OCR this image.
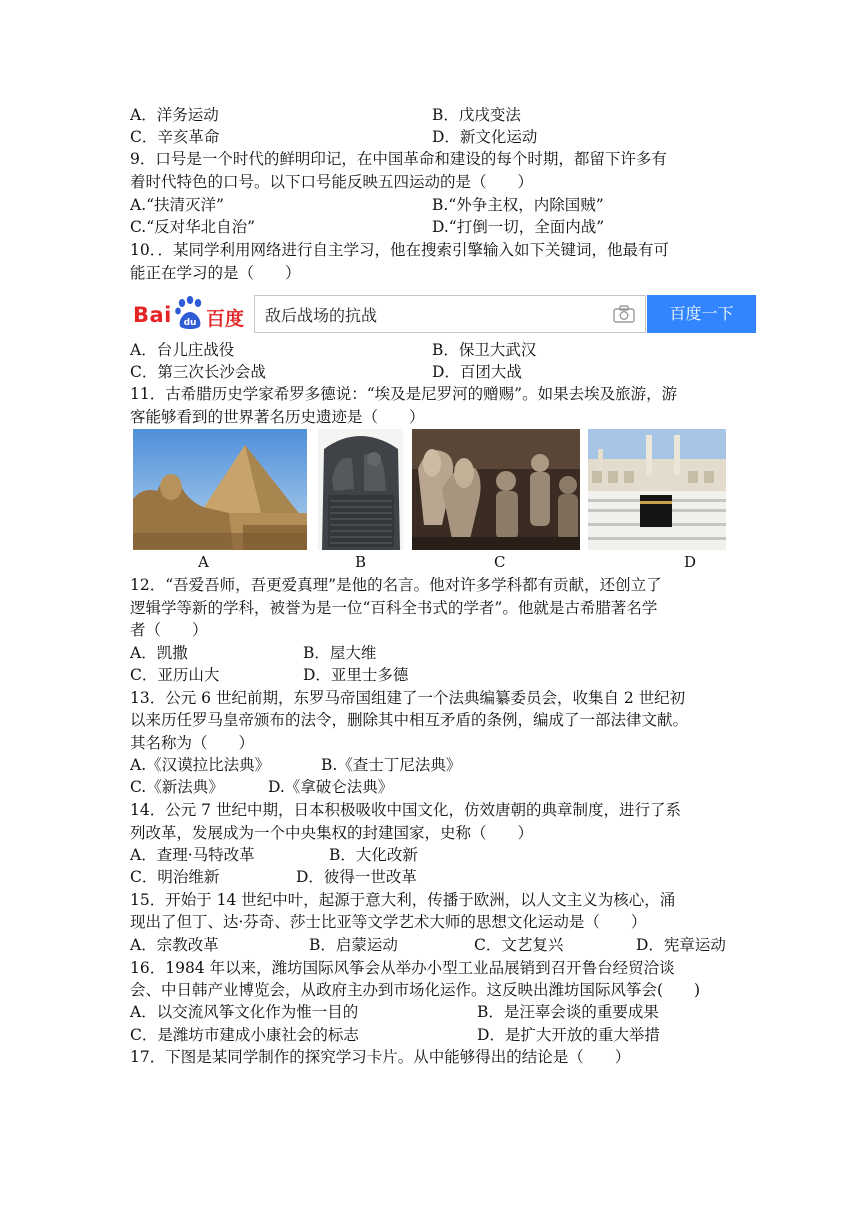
A．洋务运动	B．戊戌变法
C．辛亥革命	D．新文化运动
9．口号是一个时代的鲜明印记，在中国革命和建设的每个时期，都留下许多有
着时代特色的口号。以下口号能反映五四运动的是（　　）
A.“扶清灭洋”	B.“外争主权，内除国贼”
C.“反对华北自治”	D.“打倒一切，全面内战”
10．．某同学利用网络进行自主学习，他在搜索引擎输入如下关键词，他最有可
能正在学习的是（　　）
Bai du 百度 敌后战场的抗战	百度一下
A．台儿庄战役	B．保卫大武汉
C．第三次长沙会战	D．百团大战
11．古希腊历史学家希罗多德说：“埃及是尼罗河的赠赐”。如果去埃及旅游，游
客能够看到的世界著名历史遗迹是（　　）
A	B	C	D
12．“吾爱吾师，吾更爱真理”是他的名言。他对许多学科都有贡献，还创立了
逻辑学等新的学科，被誉为是一位“百科全书式的学者”。他就是古希腊著名学
者（　　）
A．凯撒	B．屋大维
C．亚历山大	D．亚里士多德
13．公元 6 世纪前期，东罗马帝国组建了一个法典编纂委员会，收集自 2 世纪初
以来历任罗马皇帝颁布的法令，删除其中相互矛盾的条例，编成了一部法律文献。
其名称为（　　）
A.《汉谟拉比法典》	B.《查士丁尼法典》
C.《新法典》	D.《拿破仑法典》
14．公元 7 世纪中期，日本积极吸收中国文化，仿效唐朝的典章制度，进行了系
列改革，发展成为一个中央集权的封建国家，史称（　　）
A．查理·马特改革	B．大化改新
C．明治维新	D．彼得一世改革
15．开始于 14 世纪中叶，起源于意大利，传播于欧洲，以人文主义为核心，涌
现出了但丁、达·芬奇、莎士比亚等文学艺术大师的思想文化运动是（　　）
A．宗教改革	B．启蒙运动	C．文艺复兴	D．宪章运动
16．1984 年以来，潍坊国际风筝会从举办小型工业品展销到召开鲁台经贸洽谈
会、中日韩产业博览会，从政府主办到市场化运作。这反映出潍坊国际风筝会(　　)
A．以交流风筝文化作为惟一目的	B．是汪辜会谈的重要成果
C．是潍坊市建成小康社会的标志	D．是扩大开放的重大举措
17．下图是某同学制作的探究学习卡片。从中能够得出的结论是（　　）
